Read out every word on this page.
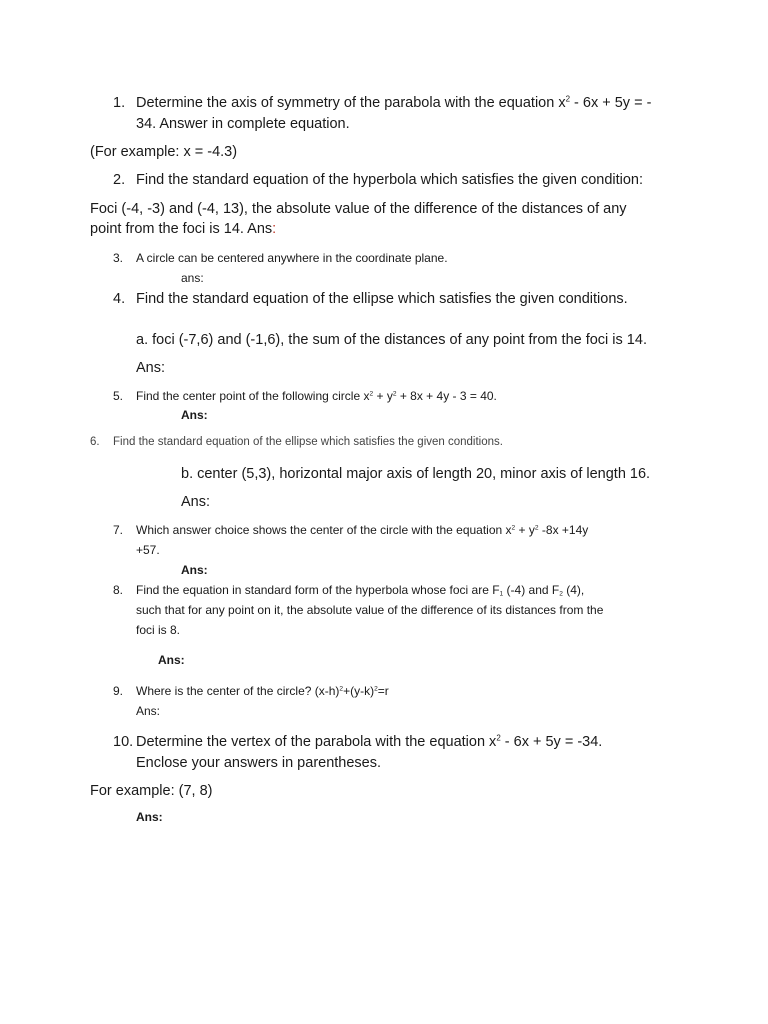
1. Determine the axis of symmetry of the parabola with the equation $x^2 - 6x + 5y$ = -
34. Answer in complete equation.
(For example: x = -4.3)
2. Find the standard equation of the hyperbola which satisfies the given condition:
Foci (-4, -3) and (-4, 13), the absolute value of the difference of the distances of any
point from the foci is 14. Ans:
3. A circle can be centered anywhere in the coordinate plane.
ans:
4. Find the standard equation of the ellipse which satisfies the given conditions.
a. foci (-7,6) and (-1,6), the sum of the distances of any point from the foci is 14.
Ans:
5. Find the center point of the following circle $x^2 + y^2 + 8x + 4y - 3 = 40$.
Ans:
6. Find the standard equation of the ellipse which satisfies the given conditions.
b. center (5,3), horizontal major axis of length 20, minor axis of length 16.
Ans:
7. Which answer choice shows the center of the circle with the equation $x^2 + y^2$ -8x +14y
+57.
Ans:
8. Find the equation in standard form of the hyperbola whose foci are $F_1$ (-4) and $F_2$ (4),
such that for any point on it, the absolute value of the difference of its distances from the
foci is 8.
Ans:
9. Where is the center of the circle? $(x-h)^2+(y-k)^2=r$
Ans:
10. Determine the vertex of the parabola with the equation $x^2 - 6x + 5y = -34$.
Enclose your answers in parentheses.
For example: (7, 8)
Ans:
